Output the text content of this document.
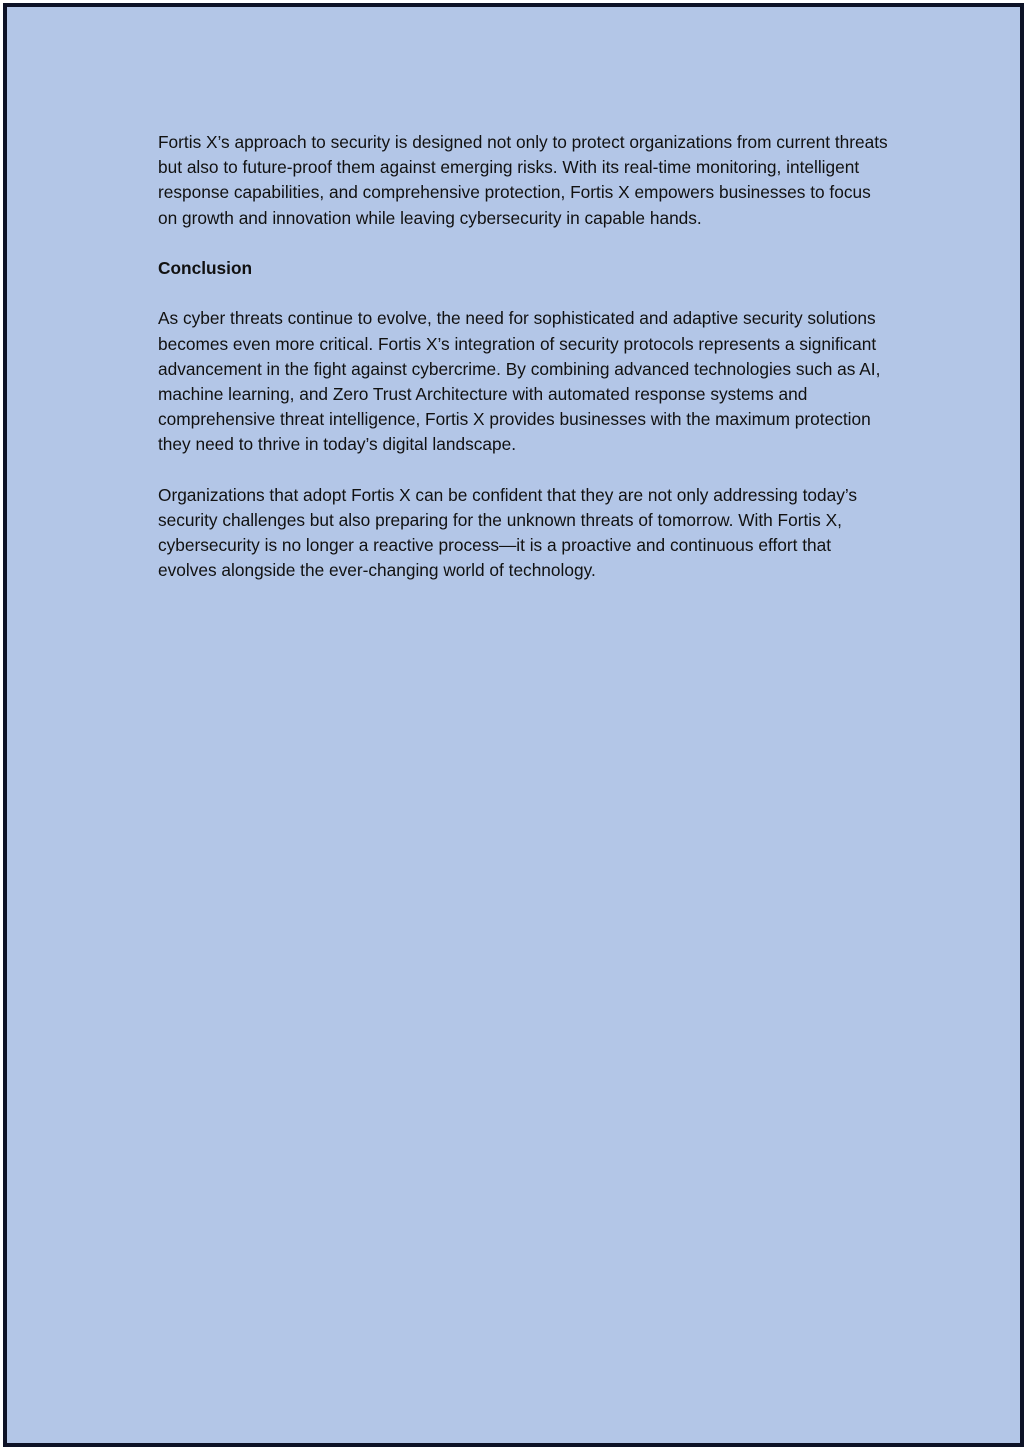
Fortis X’s approach to security is designed not only to protect organizations from current threats but also to future-proof them against emerging risks. With its real-time monitoring, intelligent response capabilities, and comprehensive protection, Fortis X empowers businesses to focus on growth and innovation while leaving cybersecurity in capable hands.

Conclusion

As cyber threats continue to evolve, the need for sophisticated and adaptive security solutions becomes even more critical. Fortis X’s integration of security protocols represents a significant advancement in the fight against cybercrime. By combining advanced technologies such as AI, machine learning, and Zero Trust Architecture with automated response systems and comprehensive threat intelligence, Fortis X provides businesses with the maximum protection they need to thrive in today’s digital landscape.

Organizations that adopt Fortis X can be confident that they are not only addressing today’s security challenges but also preparing for the unknown threats of tomorrow. With Fortis X, cybersecurity is no longer a reactive process—it is a proactive and continuous effort that evolves alongside the ever-changing world of technology.
